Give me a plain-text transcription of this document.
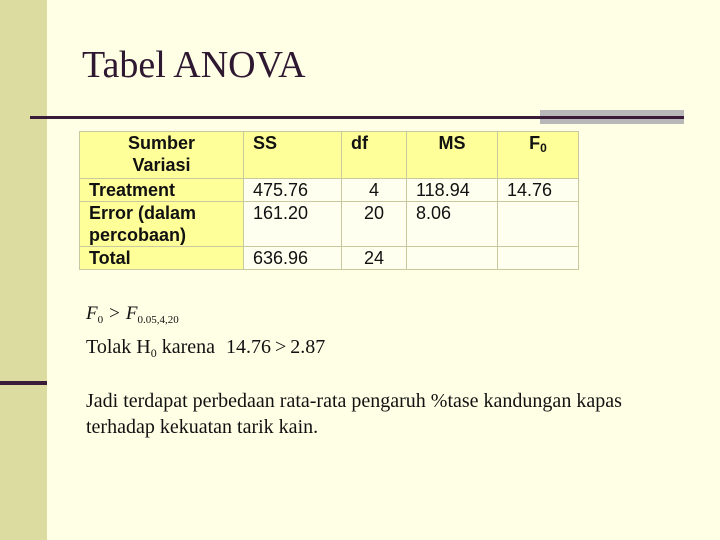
Tabel ANOVA
Sumber
Variasi	SS	df	MS	$F_0$
Treatment	475.76	4	118.94	14.76

Error (dalam
percobaan)	161.20	20	8.06	
Total	636.96	24		
$F_0 > F_{0.05,4,20}$
Tolak $H_0$ karena 14.76 > 2.87
Jadi terdapat perbedaan rata-rata pengaruh %tase kandungan kapas terhadap kekuatan tarik kain.
